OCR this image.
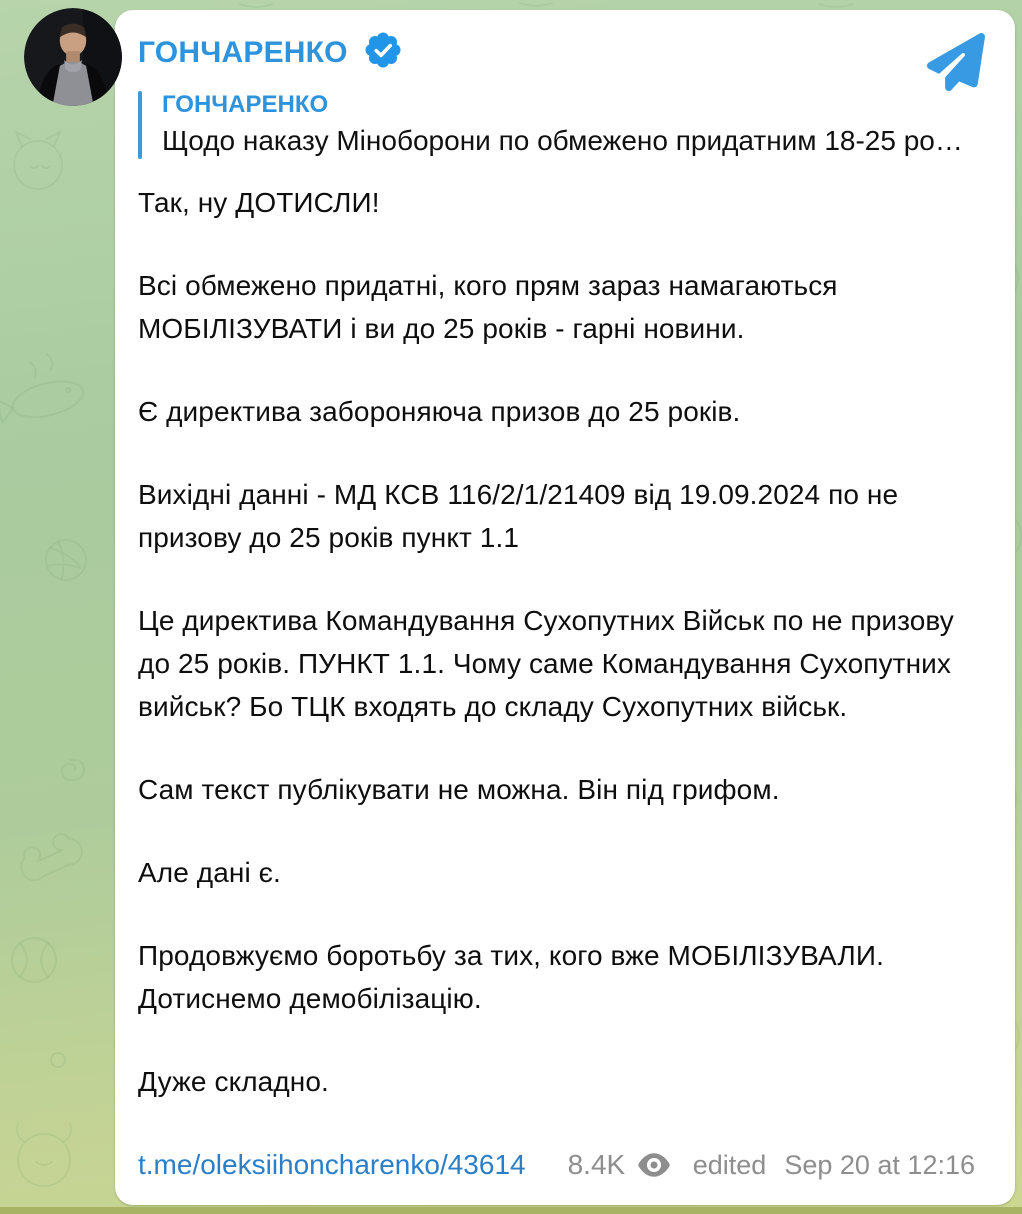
ГОНЧАРЕНКО
ГОНЧАРЕНКО
Щодо наказу Міноборони по обмежено придатним 18-25 ро…

Так, ну ДОТИСЛИ!

Всі обмежено придатні, кого прям зараз намагаються МОБІЛІЗУВАТИ і ви до 25 років - гарні новини.

Є директива забороняюча призов до 25 років.

Вихідні данні - МД КСВ 116/2/1/21409 від 19.09.2024 по не призову до 25 років пункт 1.1

Це директива Командування Сухопутних Військ по не призову до 25 років. ПУНКТ 1.1. Чому саме Командування Сухопутних вийськ? Бо ТЦК входять до складу Сухопутних військ.

Сам текст публікувати не можна. Він під грифом.

Але дані є.

Продовжуємо боротьбу за тих, кого вже МОБІЛІЗУВАЛИ. Дотиснемо демобілізацію.

Дуже складно.

t.me/oleksiihoncharenko/43614 8.4K	edited Sep 20 at 12:16
